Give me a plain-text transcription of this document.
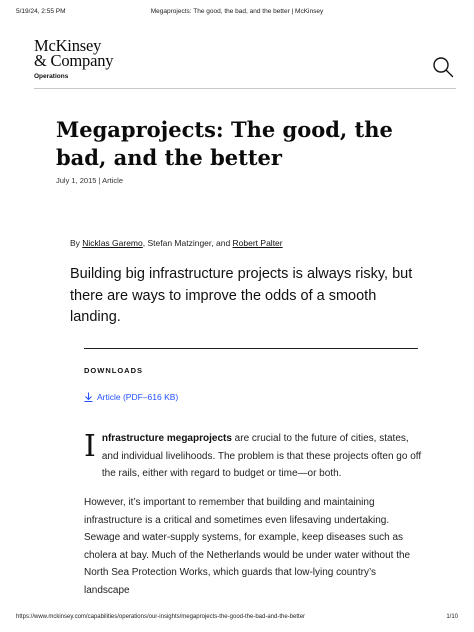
5/19/24, 2:55 PM	Megaprojects: The good, the bad, and the better | McKinsey
McKinsey
& Company
Operations
Megaprojects: The good, the bad, and the better
July 1, 2015 | Article
By Nicklas Garemo, Stefan Matzinger, and Robert Palter
Building big infrastructure projects is always risky, but there are ways to improve the odds of a smooth landing.
DOWNLOADS
Article (PDF–616 KB)
Infrastructure megaprojects are crucial to the future of cities, states, and individual livelihoods. The problem is that these projects often go off the rails, either with regard to budget or time—or both.
However, it’s important to remember that building and maintaining infrastructure is a critical and sometimes even lifesaving undertaking. Sewage and water-supply systems, for example, keep diseases such as cholera at bay. Much of the Netherlands would be under water without the North Sea Protection Works, which guards that low-lying country’s landscape
https://www.mckinsey.com/capabilities/operations/our-insights/megaprojects-the-good-the-bad-and-the-better	1/10
